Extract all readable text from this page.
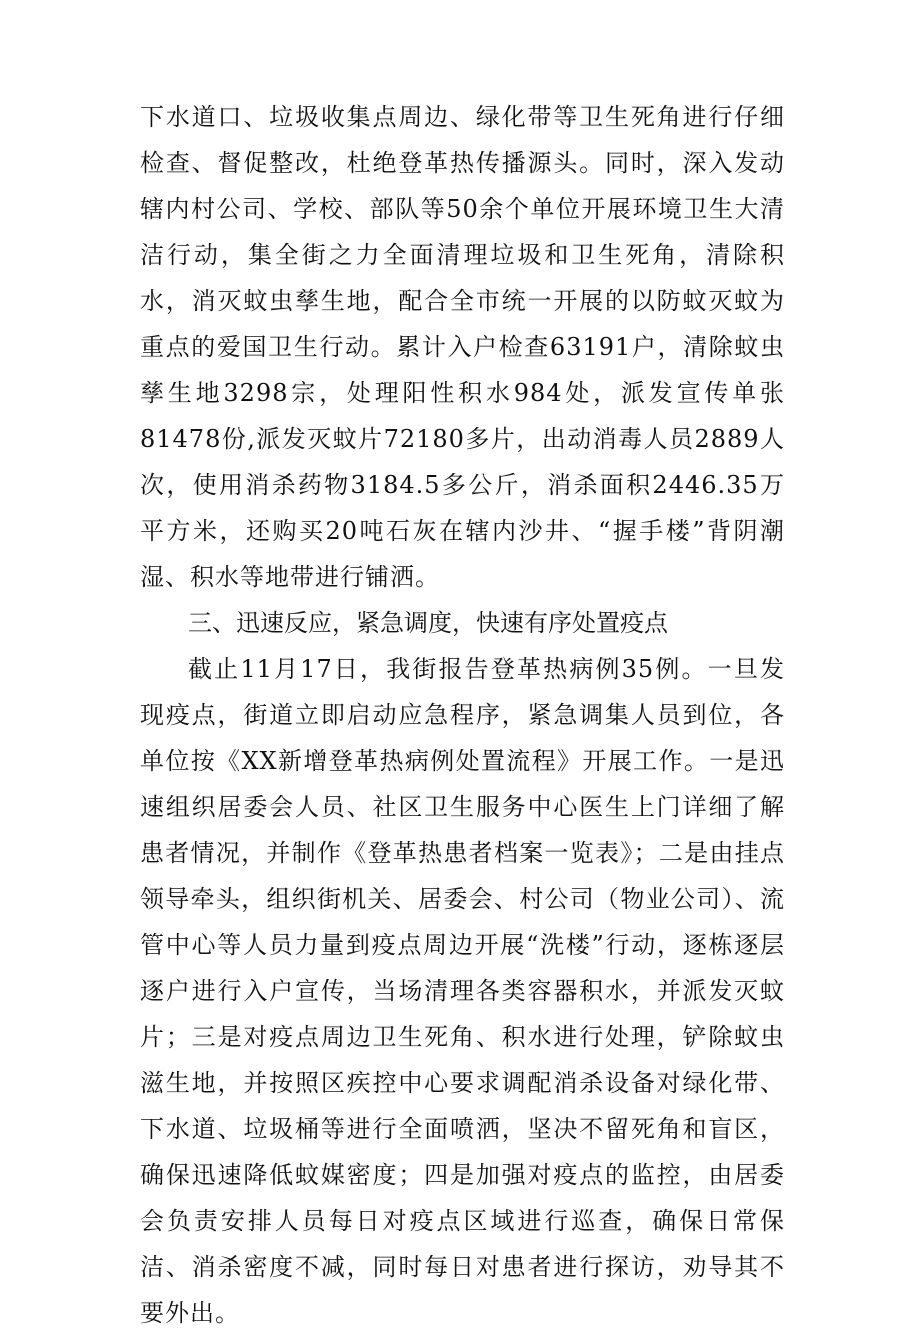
下水道口、垃圾收集点周边、绿化带等卫生死角进行仔细检查、督促整改，杜绝登革热传播源头。同时，深入发动辖内村公司、学校、部队等50余个单位开展环境卫生大清洁行动，集全街之力全面清理垃圾和卫生死角，清除积水，消灭蚊虫孳生地，配合全市统一开展的以防蚊灭蚊为重点的爱国卫生行动。累计入户检查63191户，清除蚊虫孳生地3298宗，处理阳性积水984处，派发宣传单张81478份,派发灭蚊片72180多片，出动消毒人员2889人次，使用消杀药物3184.5多公斤，消杀面积2446.35万平方米，还购买20吨石灰在辖内沙井、“握手楼”背阴潮湿、积水等地带进行铺洒。

三、迅速反应，紧急调度，快速有序处置疫点

截止11月17日，我街报告登革热病例35例。一旦发现疫点，街道立即启动应急程序，紧急调集人员到位，各单位按《XX新增登革热病例处置流程》开展工作。一是迅速组织居委会人员、社区卫生服务中心医生上门详细了解患者情况，并制作《登革热患者档案一览表》；二是由挂点领导牵头，组织街机关、居委会、村公司（物业公司）、流管中心等人员力量到疫点周边开展“洗楼”行动，逐栋逐层逐户进行入户宣传，当场清理各类容器积水，并派发灭蚊片；三是对疫点周边卫生死角、积水进行处理，铲除蚊虫滋生地，并按照区疾控中心要求调配消杀设备对绿化带、下水道、垃圾桶等进行全面喷洒，坚决不留死角和盲区，确保迅速降低蚊媒密度；四是加强对疫点的监控，由居委会负责安排人员每日对疫点区域进行巡查，确保日常保洁、消杀密度不减，同时每日对患者进行探访，劝导其不要外出。
